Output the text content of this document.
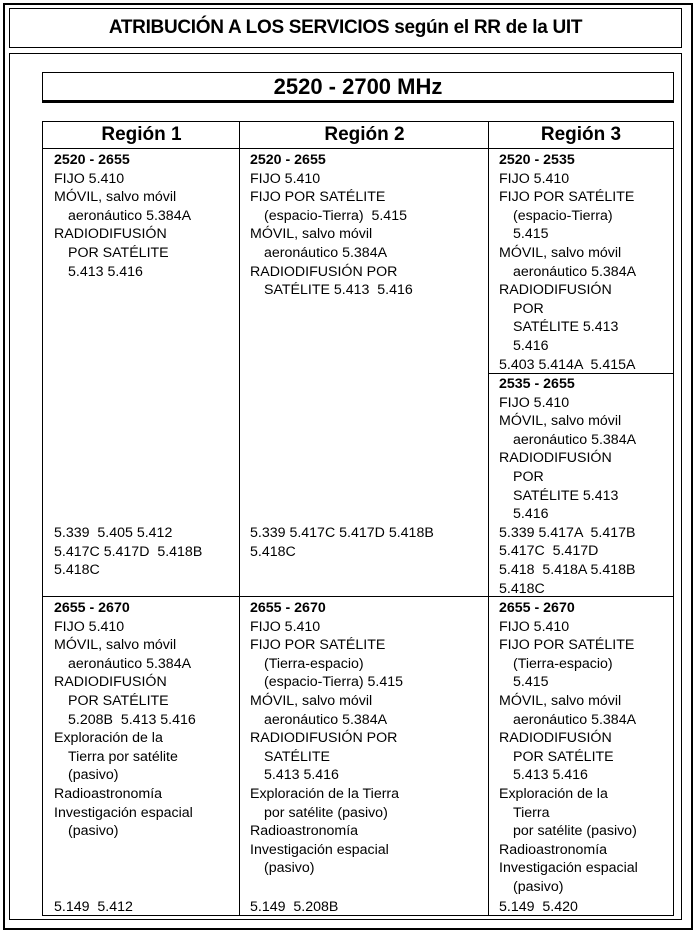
ATRIBUCIÓN A LOS SERVICIOS según el RR de la UIT
2520 - 2700 MHz
Región 1	Región 2	Región 3
2520 - 2655
FIJO 5.410
MÓVIL, salvo móvil
aeronáutico 5.384A
RADIODIFUSIÓN
POR SATÉLITE
5.413 5.416
5.339  5.405 5.412
5.417C 5.417D  5.418B
5.418C
2520 - 2655
FIJO 5.410
FIJO POR SATÉLITE
(espacio-Tierra)  5.415
MÓVIL, salvo móvil
aeronáutico 5.384A
RADIODIFUSIÓN POR
SATÉLITE 5.413  5.416
5.339 5.417C 5.417D 5.418B
5.418C
2520 - 2535
FIJO 5.410
FIJO POR SATÉLITE
(espacio-Tierra)
5.415
MÓVIL, salvo móvil
aeronáutico 5.384A
RADIODIFUSIÓN
POR
SATÉLITE 5.413
5.416
5.403 5.414A  5.415A
2535 - 2655
FIJO 5.410
MÓVIL, salvo móvil
aeronáutico 5.384A
RADIODIFUSIÓN
POR
SATÉLITE 5.413
5.416
5.339 5.417A  5.417B
5.417C  5.417D
5.418  5.418A 5.418B
5.418C
2655 - 2670
FIJO 5.410
MÓVIL, salvo móvil
aeronáutico 5.384A
RADIODIFUSIÓN
POR SATÉLITE
5.208B  5.413 5.416
Exploración de la
Tierra por satélite
(pasivo)
Radioastronomía
Investigación espacial
(pasivo)
5.149  5.412
2655 - 2670
FIJO 5.410
FIJO POR SATÉLITE
(Tierra-espacio)
(espacio-Tierra) 5.415
MÓVIL, salvo móvil
aeronáutico 5.384A
RADIODIFUSIÓN POR
SATÉLITE
5.413 5.416
Exploración de la Tierra
por satélite (pasivo)
Radioastronomía
Investigación espacial
(pasivo)
5.149  5.208B
2655 - 2670
FIJO 5.410
FIJO POR SATÉLITE
(Tierra-espacio)
5.415
MÓVIL, salvo móvil
aeronáutico 5.384A
RADIODIFUSIÓN
POR SATÉLITE
5.413 5.416
Exploración de la
Tierra
por satélite (pasivo)
Radioastronomía
Investigación espacial
(pasivo)
5.149  5.420
